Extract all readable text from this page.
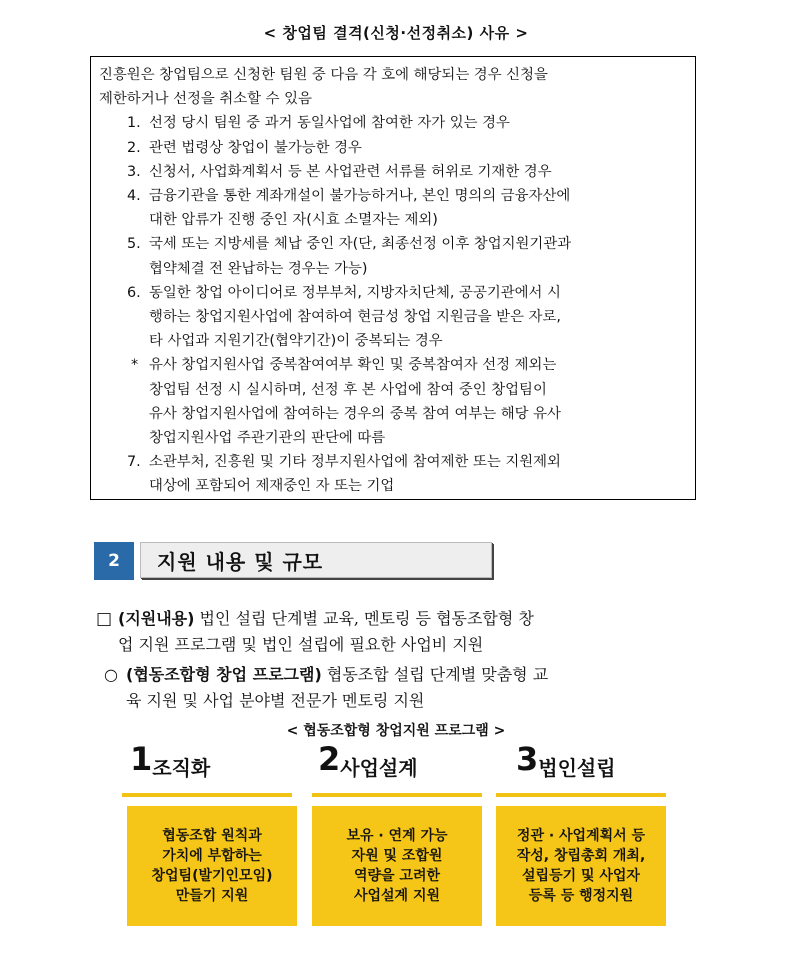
< 창업팀 결격(신청·선정취소) 사유 >
진흥원은 창업팀으로 신청한 팀원 중 다음 각 호에 해당되는 경우 신청을
제한하거나 선정을 취소할 수 있음
1. 선정 당시 팀원 중 과거 동일사업에 참여한 자가 있는 경우
2. 관련 법령상 창업이 불가능한 경우
3. 신청서, 사업화계획서 등 본 사업관련 서류를 허위로 기재한 경우
4. 금융기관을 통한 계좌개설이 불가능하거나, 본인 명의의 금융자산에
대한 압류가 진행 중인 자(시효 소멸자는 제외)
5. 국세 또는 지방세를 체납 중인 자(단, 최종선정 이후 창업지원기관과
협약체결 전 완납하는 경우는 가능)
6. 동일한 창업 아이디어로 정부부처, 지방자치단체, 공공기관에서 시
행하는 창업지원사업에 참여하여 현금성 창업 지원금을 받은 자로,
타 사업과 지원기간(협약기간)이 중복되는 경우
* 유사 창업지원사업 중복참여여부 확인 및 중복참여자 선정 제외는
창업팀 선정 시 실시하며, 선정 후 본 사업에 참여 중인 창업팀이
유사 창업지원사업에 참여하는 경우의 중복 참여 여부는 해당 유사
창업지원사업 주관기관의 판단에 따름
7. 소관부처, 진흥원 및 기타 정부지원사업에 참여제한 또는 지원제외
대상에 포함되어 제재중인 자 또는 기업
2	지원 내용 및 규모
□ (지원내용) 법인 설립 단계별 교육, 멘토링 등 협동조합형 창
업 지원 프로그램 및 법인 설립에 필요한 사업비 지원
○ (협동조합형 창업 프로그램) 협동조합 설립 단계별 맞춤형 교
육 지원 및 사업 분야별 전문가 멘토링 지원
< 협동조합형 창업지원 프로그램 >
1조직화	2사업설계	3법인설립
협동조합 원칙과
가치에 부합하는
창업팀(발기인모임)
만들기 지원
보유 · 연계 가능
자원 및 조합원
역량을 고려한
사업설계 지원
정관 · 사업계획서 등
작성, 창립총회 개최,
설립등기 및 사업자
등록 등 행정지원
